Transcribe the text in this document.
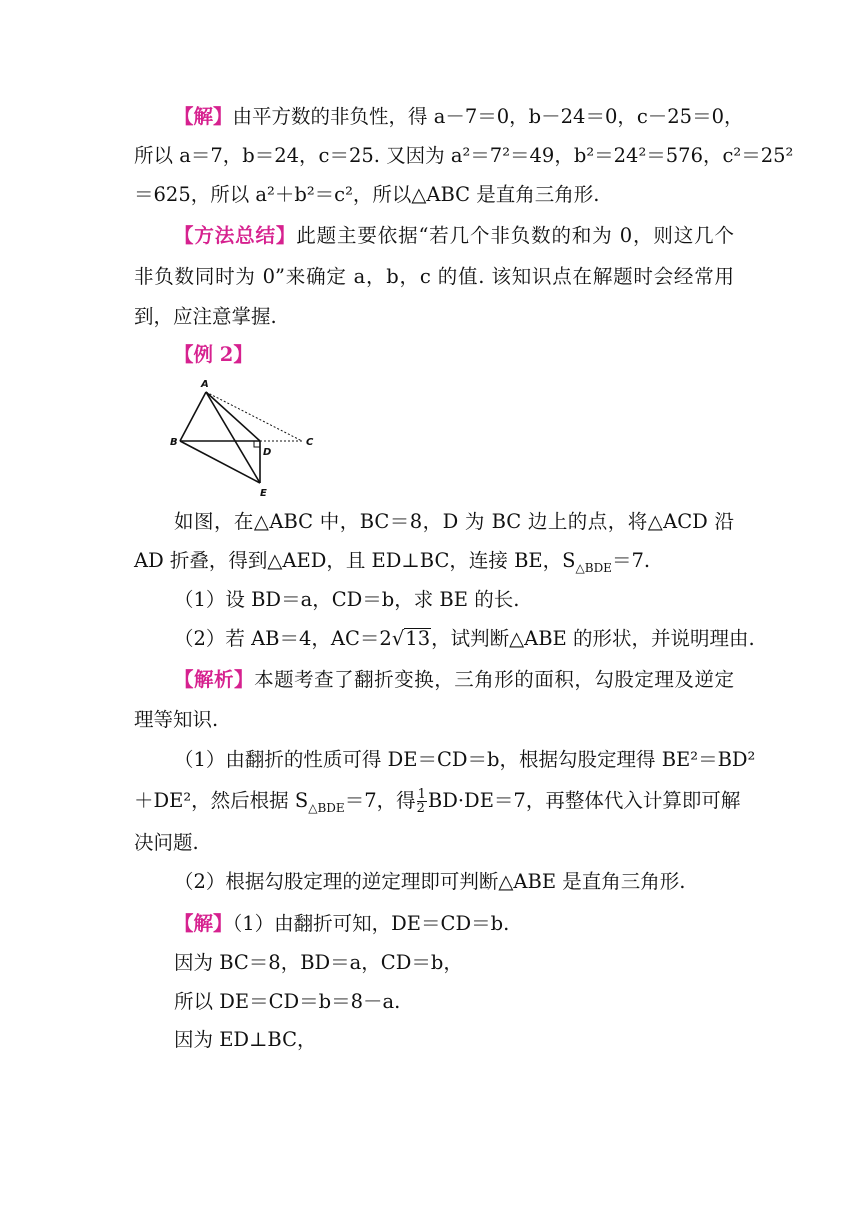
【解】由平方数的非负性，得 a－7＝0，b－24＝0，c－25＝0，
所以 a＝7，b＝24，c＝25. 又因为 a²＝7²＝49，b²＝24²＝576，c²＝25²
＝625，所以 a²＋b²＝c²，所以△ABC 是直角三角形.
【方法总结】此题主要依据“若几个非负数的和为 0，则这几个
非负数同时为 0”来确定 a，b，c 的值. 该知识点在解题时会经常用
到，应注意掌握.
【例 2】
A
B	C
D
E
如图，在△ABC 中，BC＝8，D 为 BC 边上的点，将△ACD 沿
AD 折叠，得到△AED，且 ED⊥BC，连接 BE，$S_{\triangle BDE}=7$.
（1）设 BD＝a，CD＝b，求 BE 的长.
（2）若 AB＝4，AC＝2√13，试判断△ABE 的形状，并说明理由.
【解析】本题考查了翻折变换，三角形的面积，勾股定理及逆定
理等知识.
（1）由翻折的性质可得 DE＝CD＝b，根据勾股定理得 BE²＝BD²
＋DE²，然后根据 $S_{\triangle BDE}=7$，得 $\frac{1}{2} BD\cdot DE=7$，再整体代入计算即可解
决问题.
（2）根据勾股定理的逆定理即可判断△ABE 是直角三角形.
【解】（1）由翻折可知，DE＝CD＝b.
因为 BC＝8，BD＝a，CD＝b，
所以 DE＝CD＝b＝8－a.
因为 ED⊥BC，
